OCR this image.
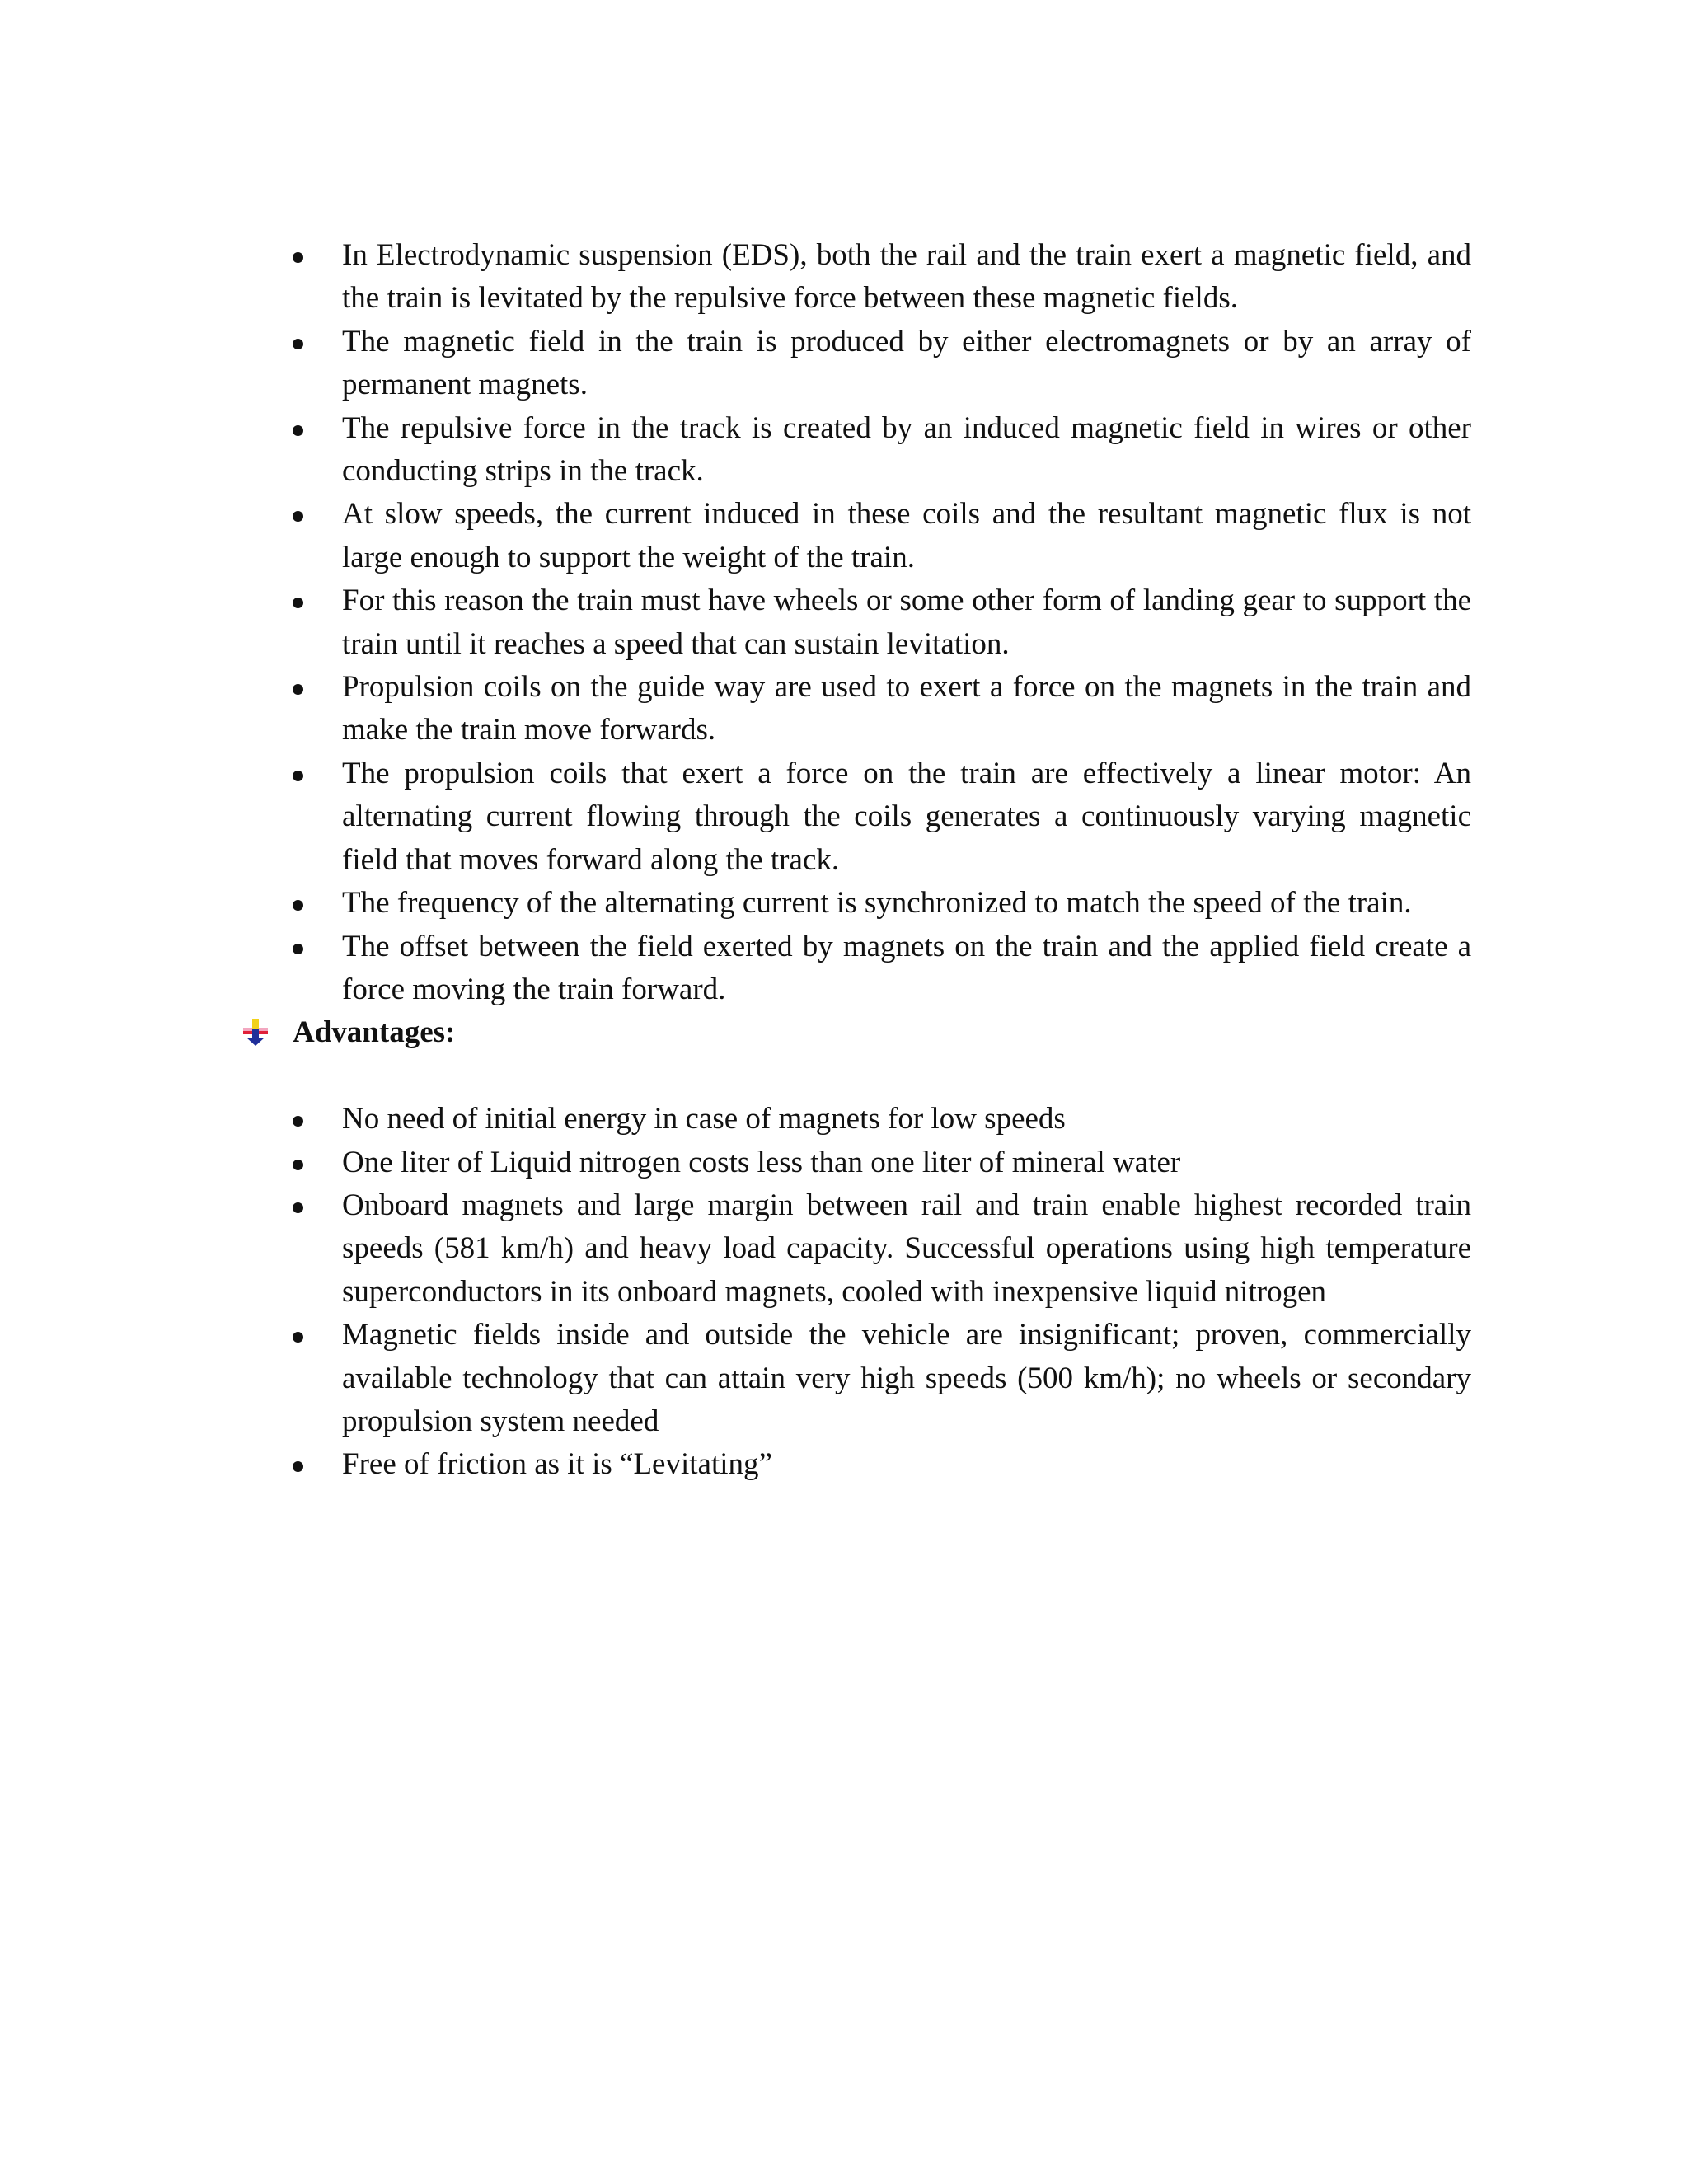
In Electrodynamic suspension (EDS), both the rail and the train exert a magnetic field, and the train is levitated by the repulsive force between these magnetic fields.
The magnetic field in the train is produced by either electromagnets or by an array of permanent magnets.
The repulsive force in the track is created by an induced magnetic field in wires or other conducting strips in the track.
At slow speeds, the current induced in these coils and the resultant magnetic flux is not large enough to support the weight of the train.
For this reason the train must have wheels or some other form of landing gear to support the train until it reaches a speed that can sustain levitation.
Propulsion coils on the guide way are used to exert a force on the magnets in the train and make the train move forwards.
The propulsion coils that exert a force on the train are effectively a linear motor: An alternating current flowing through the coils generates a continuously varying magnetic field that moves forward along the track.
The frequency of the alternating current is synchronized to match the speed of the train.
The offset between the field exerted by magnets on the train and the applied field create a force moving the train forward.
Advantages:
No need of initial energy in case of magnets for low speeds
One liter of Liquid nitrogen costs less than one liter of mineral water
Onboard magnets and large margin between rail and train enable highest recorded train speeds (581 km/h) and heavy load capacity. Successful operations using high temperature superconductors in its onboard magnets, cooled with inexpensive liquid nitrogen
Magnetic fields inside and outside the vehicle are insignificant; proven, commercially available technology that can attain very high speeds (500 km/h); no wheels or secondary propulsion system needed
Free of friction as it is “Levitating”
